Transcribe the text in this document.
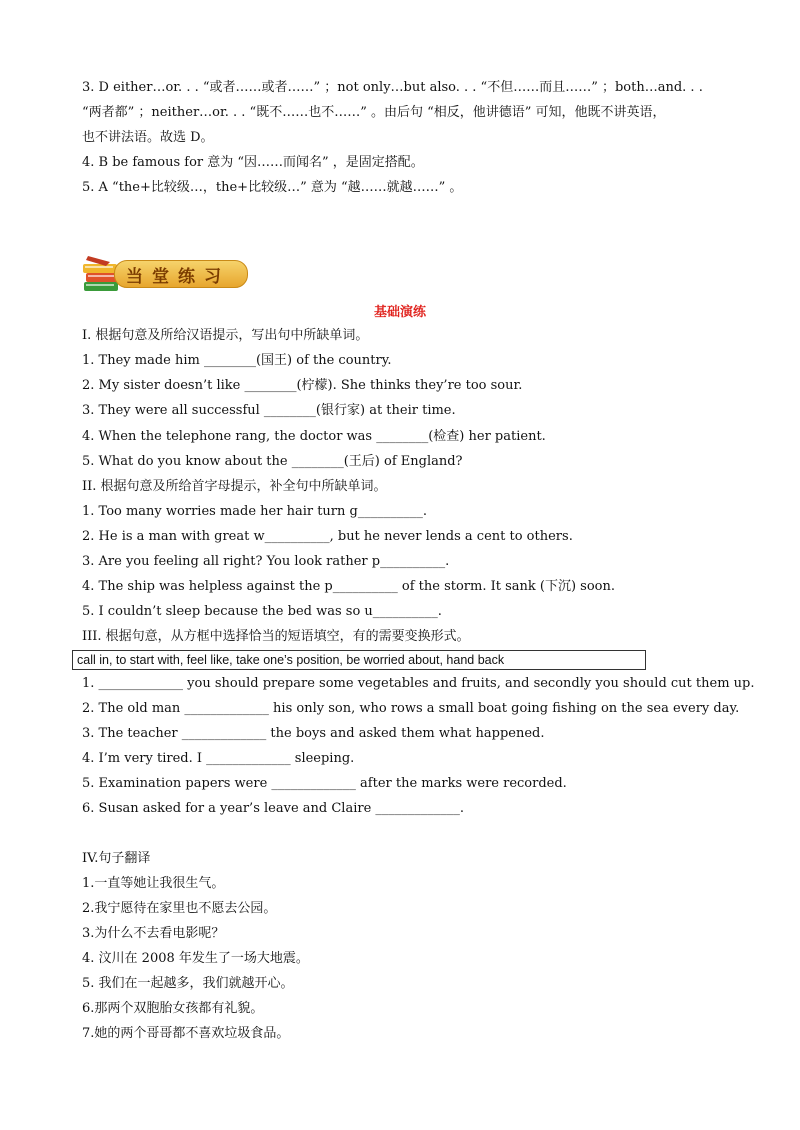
3. D either…or. . . “或者……或者……” ；not only…but also. . . “不但……而且……” ；both…and. . .
“两者都” ；neither…or. . . “既不……也不……” 。由后句 “相反，他讲德语” 可知，他既不讲英语，
也不讲法语。故选 D。
4. B be famous for 意为 “因……而闻名” ，是固定搭配。
5. A “the+比较级…，the+比较级…” 意为 “越……就越……” 。
当堂练习
基础演练
I. 根据句意及所给汉语提示，写出句中所缺单词。
1. They made him ________(国王) of the country.
2. My sister doesn’t like ________(柠檬). She thinks they’re too sour.
3. They were all successful ________(银行家) at their time.
4. When the telephone rang, the doctor was ________(检查) her patient.
5. What do you know about the ________(王后) of England?
II. 根据句意及所给首字母提示，补全句中所缺单词。
1. Too many worries made her hair turn g__________.
2. He is a man with great w__________, but he never lends a cent to others.
3. Are you feeling all right? You look rather p__________.
4. The ship was helpless against the p__________ of the storm. It sank (下沉) soon.
5. I couldn’t sleep because the bed was so u__________.
III. 根据句意，从方框中选择恰当的短语填空，有的需要变换形式。
call in, to start with, feel like, take one’s position, be worried about, hand back
1. _____________ you should prepare some vegetables and fruits, and secondly you should cut them up.
2. The old man _____________ his only son, who rows a small boat going fishing on the sea every day.
3. The teacher _____________ the boys and asked them what happened.
4. I’m very tired. I _____________ sleeping.
5. Examination papers were _____________ after the marks were recorded.
6. Susan asked for a year’s leave and Claire _____________.
IV.句子翻译
1.一直等她让我很生气。
2.我宁愿待在家里也不愿去公园。
3.为什么不去看电影呢？
4. 汶川在 2008 年发生了一场大地震。
5. 我们在一起越多，我们就越开心。
6.那两个双胞胎女孩都有礼貌。
7.她的两个哥哥都不喜欢垃圾食品。
